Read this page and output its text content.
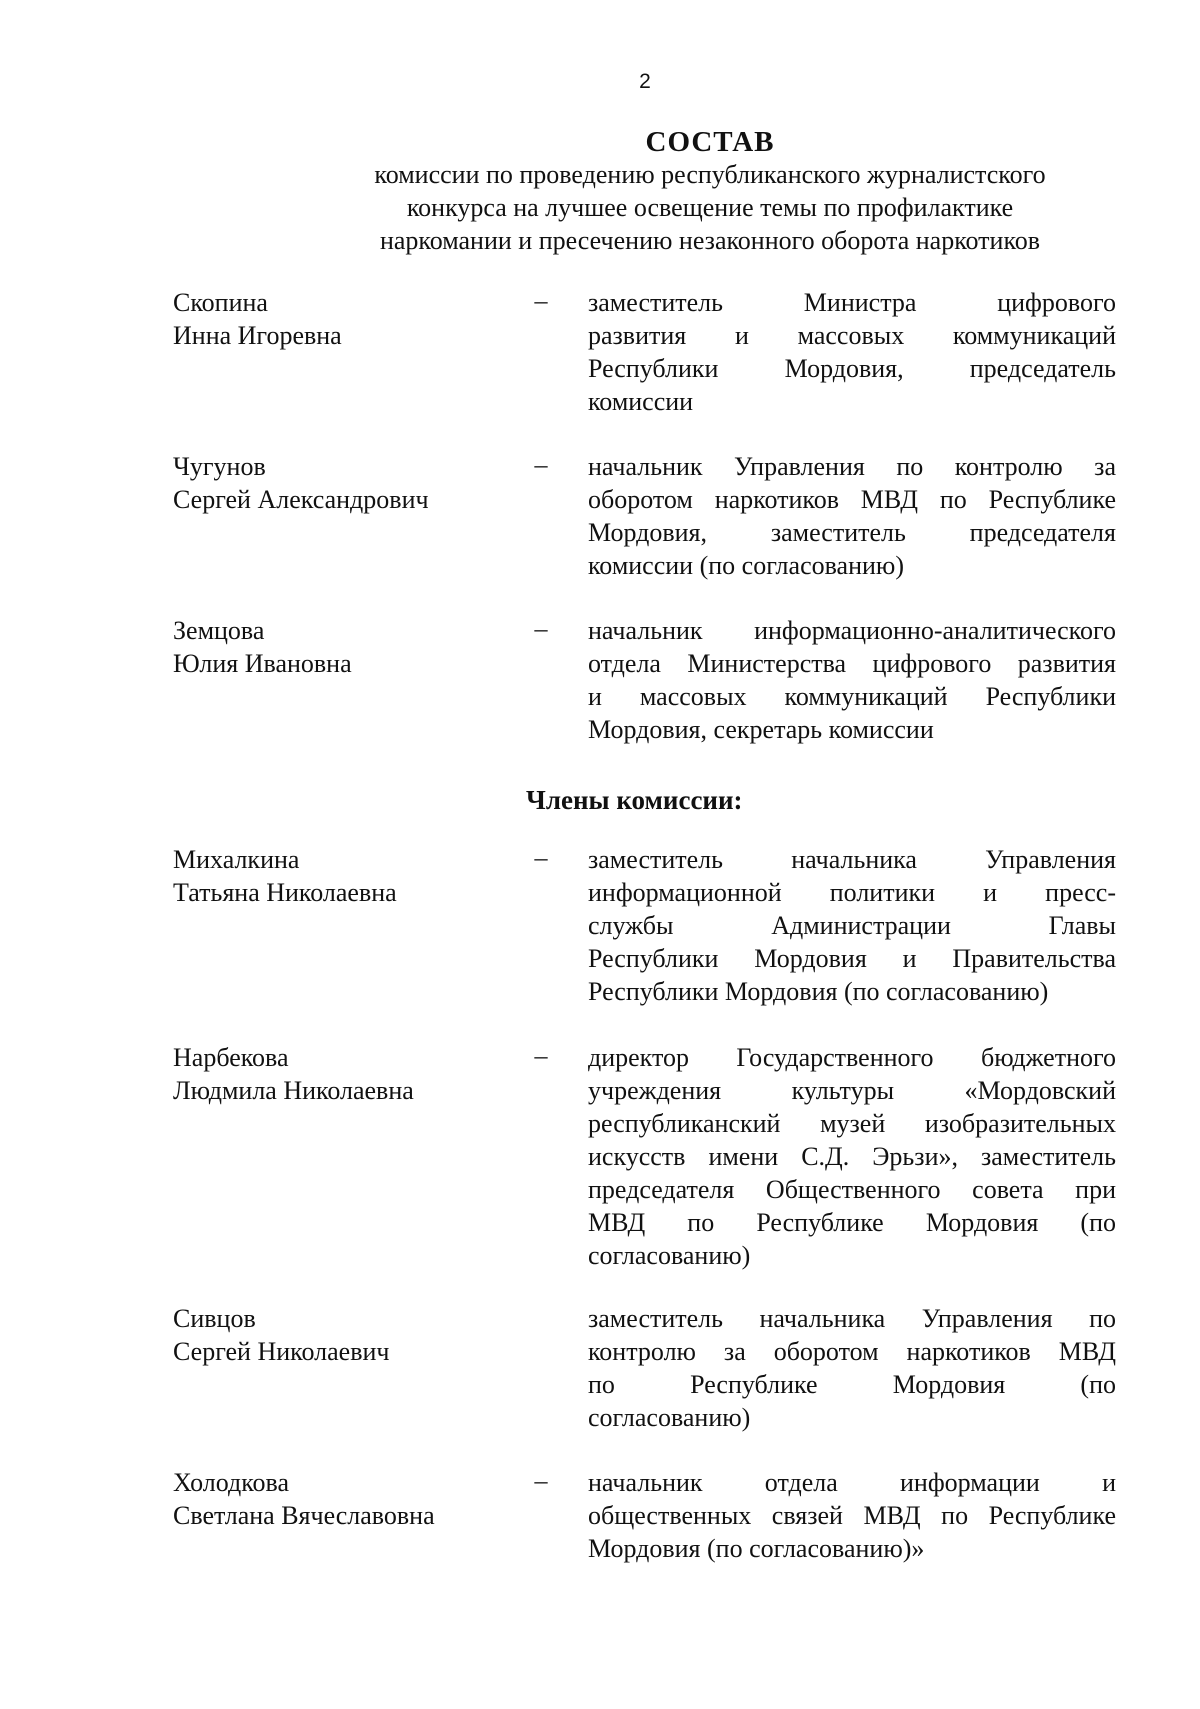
2
СОСТАВ
комиссии по проведению республиканского журналистского
конкурса на лучшее освещение темы по профилактике
наркомании и пресечению незаконного оборота наркотиков
Скопина
Инна Игоревна
– заместитель Министра цифрового
развития и массовых коммуникаций
Республики Мордовия, председатель
комиссии
Чугунов
Сергей Александрович
– начальник Управления по контролю за
оборотом наркотиков МВД по Республике
Мордовия, заместитель председателя
комиссии (по согласованию)
Земцова
Юлия Ивановна
– начальник информационно-аналитического
отдела Министерства цифрового развития
и массовых коммуникаций Республики
Мордовия, секретарь комиссии
Члены комиссии:
Михалкина
Татьяна Николаевна
– заместитель начальника Управления
информационной политики и пресс-
службы Администрации Главы
Республики Мордовия и Правительства
Республики Мордовия (по согласованию)
Нарбекова
Людмила Николаевна
– директор Государственного бюджетного
учреждения культуры «Мордовский
республиканский музей изобразительных
искусств имени С.Д. Эрьзи», заместитель
председателя Общественного совета при
МВД по Республике Мордовия (по
согласованию)
Сивцов
Сергей Николаевич
заместитель начальника Управления по
контролю за оборотом наркотиков МВД
по Республике Мордовия (по
согласованию)
Холодкова
Светлана Вячеславовна
– начальник отдела информации и
общественных связей МВД по Республике
Мордовия (по согласованию)»
